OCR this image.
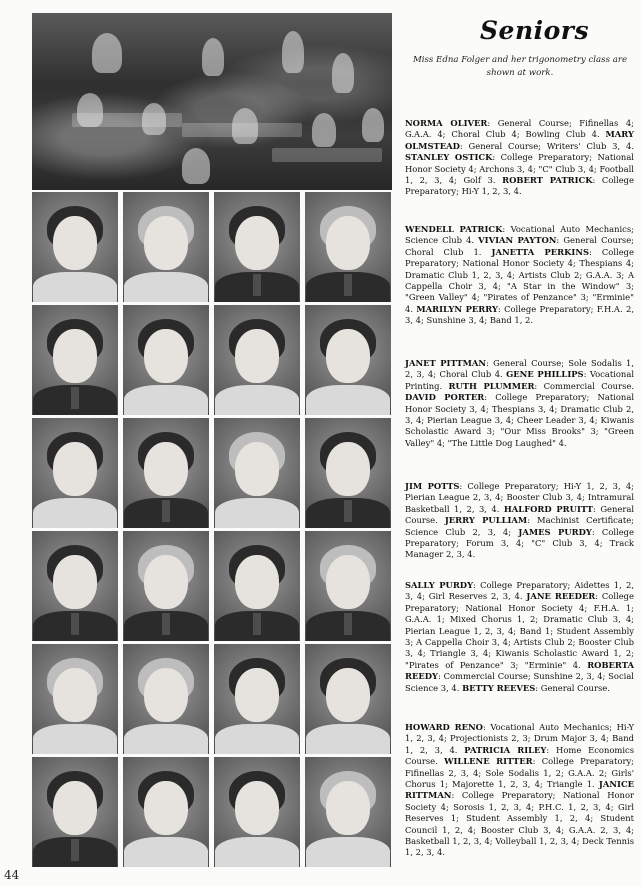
Seniors

Miss Edna Folger and her trigonometry class are shown at work.

NORMA OLIVER: General Course; Fifinellas 4; G.A.A. 4; Choral Club 4; Bowling Club 4. MARY OLMSTEAD: General Course; Writers' Club 3, 4. STANLEY OSTICK: College Preparatory; National Honor Society 4; Archons 3, 4; "C" Club 3, 4; Football 1, 2, 3, 4; Golf 3. ROBERT PATRICK: College Preparatory; Hi-Y 1, 2, 3, 4.

WENDELL PATRICK: Vocational Auto Mechanics; Science Club 4. VIVIAN PAYTON: General Course; Choral Club 1. JANETTA PERKINS: College Preparatory; National Honor Society 4; Thespians 4; Dramatic Club 1, 2, 3, 4; Artists Club 2; G.A.A. 3; A Cappella Choir 3, 4; "A Star in the Window" 3; "Green Valley" 4; "Pirates of Penzance" 3; "Erminie" 4. MARILYN PERRY: College Preparatory; F.H.A. 2, 3, 4; Sunshine 3, 4; Band 1, 2.

JANET PITTMAN: General Course; Sole Sodalis 1, 2, 3, 4; Choral Club 4. GENE PHILLIPS: Vocational Printing. RUTH PLUMMER: Commercial Course. DAVID PORTER: College Preparatory; National Honor Society 3, 4; Thespians 3, 4; Dramatic Club 2, 3, 4; Pierian League 3, 4; Cheer Leader 3, 4; Kiwanis Scholastic Award 3; "Our Miss Brooks" 3; "Green Valley" 4; "The Little Dog Laughed" 4.

JIM POTTS: College Preparatory; Hi-Y 1, 2, 3, 4; Pierian League 2, 3, 4; Booster Club 3, 4; Intramural Basketball 1, 2, 3, 4. HALFORD PRUITT: General Course. JERRY PULLIAM: Machinist Certificate; Science Club 2, 3, 4; JAMES PURDY: College Preparatory; Forum 3, 4; "C" Club 3, 4; Track Manager 2, 3, 4.

SALLY PURDY: College Preparatory; Aidettes 1, 2, 3, 4; Girl Reserves 2, 3, 4. JANE REEDER: College Preparatory; National Honor Society 4; F.H.A. 1; G.A.A. 1; Mixed Chorus 1, 2; Dramatic Club 3, 4; Pierian League 1, 2, 3, 4; Band 1; Student Assembly 3; A Cappella Choir 3, 4; Artists Club 2; Booster Club 3, 4; Triangle 3, 4; Kiwanis Scholastic Award 1, 2; "Pirates of Penzance" 3; "Erminie" 4. ROBERTA REEDY: Commercial Course; Sunshine 2, 3, 4; Social Science 3, 4. BETTY REEVES: General Course.

HOWARD RENO: Vocational Auto Mechanics; Hi-Y 1, 2, 3, 4; Projectionists 2, 3; Drum Major 3, 4; Band 1, 2, 3, 4. PATRICIA RILEY: Home Economics Course. WILLENE RITTER: College Preparatory; Fifinellas 2, 3, 4; Sole Sodalis 1, 2; G.A.A. 2; Girls' Chorus 1; Majorette 1, 2, 3, 4; Triangle 1. JANICE RITTMAN: College Preparatory; National Honor Society 4; Sorosis 1, 2, 3, 4; P.H.C. 1, 2, 3, 4; Girl Reserves 1; Student Assembly 1, 2, 4; Student Council 1, 2, 4; Booster Club 3, 4; G.A.A. 2, 3, 4; Basketball 1, 2, 3, 4; Volleyball 1, 2, 3, 4; Deck Tennis 1, 2, 3, 4.

44
